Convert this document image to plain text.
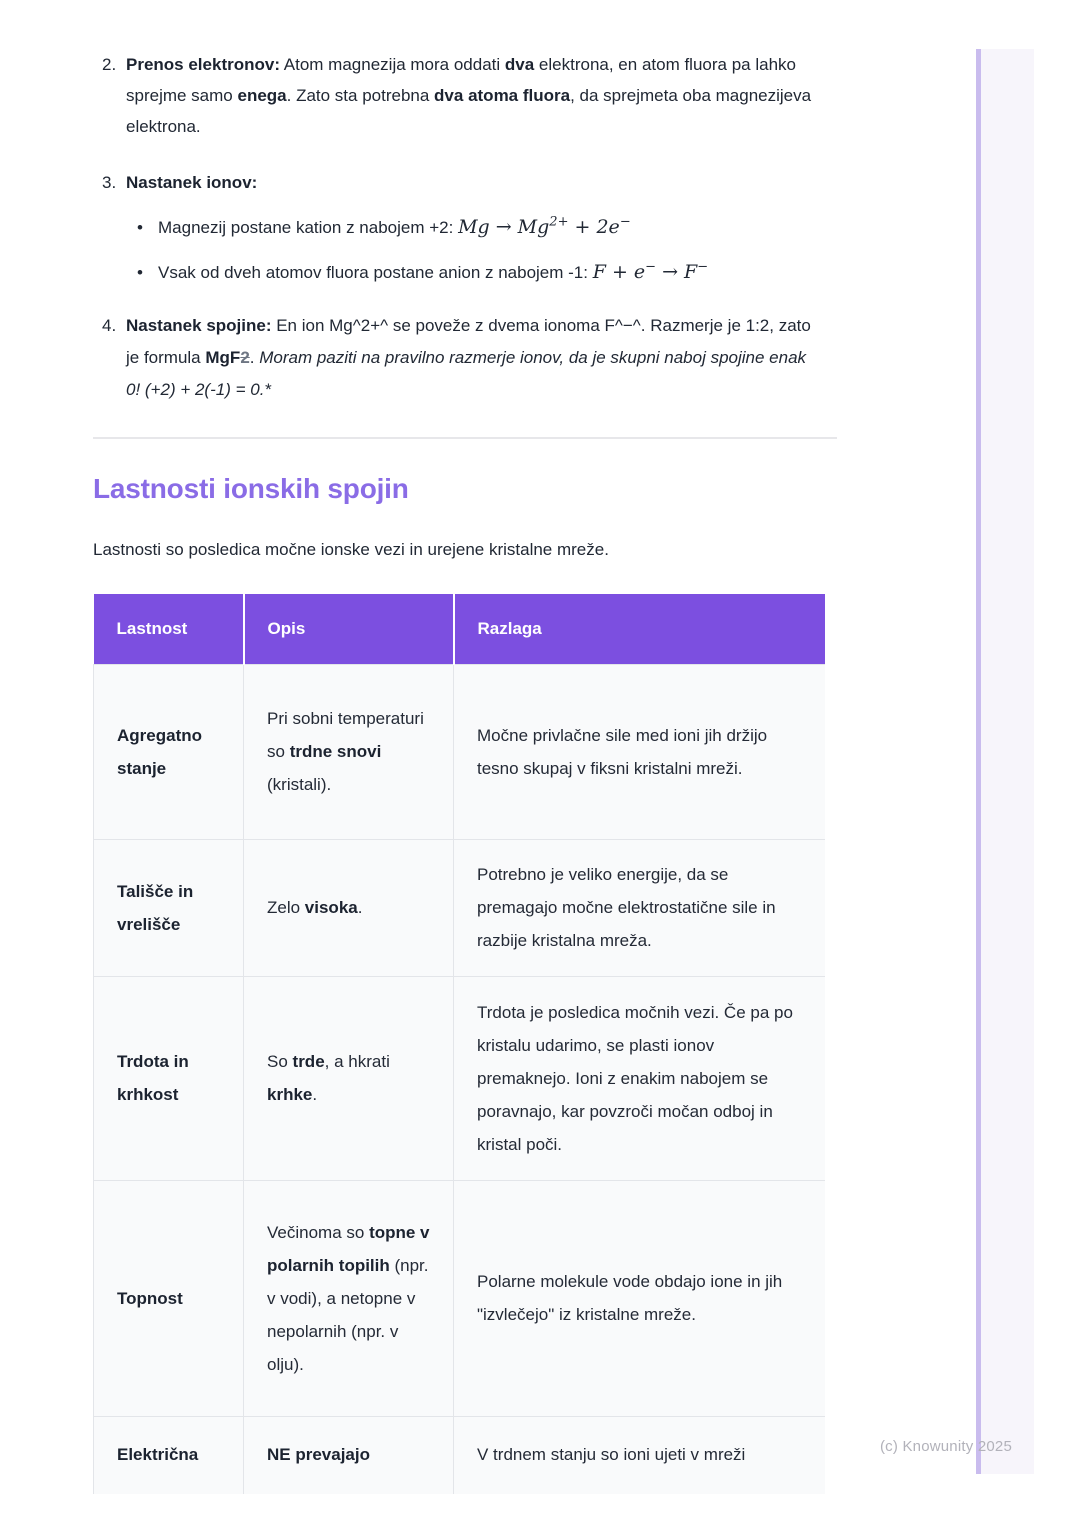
2. Prenos elektronov: Atom magnezija mora oddati dva elektrona, en atom fluora pa lahko sprejme samo enega. Zato sta potrebna dva atoma fluora, da sprejmeta oba magnezijeva elektrona.
3. Nastanek ionov:
• Magnezij postane kation z nabojem +2: $Mg \to Mg^{2+} + 2e^-$
• Vsak od dveh atomov fluora postane anion z nabojem -1: F + e− → F−
4. Nastanek spojine: En ion Mg^2+^ se poveže z dvema ionoma F^−^. Razmerje je 1:2, zato je formula MgF2. Moram paziti na pravilno razmerje ionov, da je skupni naboj spojine enak 0! (+2) + 2(-1) = 0.*
Lastnosti ionskih spojin
Lastnosti so posledica močne ionske vezi in urejene kristalne mreže.
Lastnost	Opis	Razlaga
Agregatno stanje	Pri sobni temperaturi so trdne snovi (kristali).	Močne privlačne sile med ioni jih držijo tesno skupaj v fiksni kristalni mreži.
Tališče in vrelišče	Zelo visoka.	Potrebno je veliko energije, da se premagajo močne elektrostatične sile in razbije kristalna mreža.
Trdota in krhkost	So trde, a hkrati krhke.	Trdota je posledica močnih vezi. Če pa po kristalu udarimo, se plasti ionov premaknejo. Ioni z enakim nabojem se poravnajo, kar povzroči močan odboj in kristal poči.
Topnost	Večinoma so topne v polarnih topilih (npr. v vodi), a netopne v nepolarnih (npr. v olju).	Polarne molekule vode obdajo ione in jih "izvlečejo" iz kristalne mreže.
Električna	NE prevajajo	V trdnem stanju so ioni ujeti v mreži	(c) Knowunity 2025
